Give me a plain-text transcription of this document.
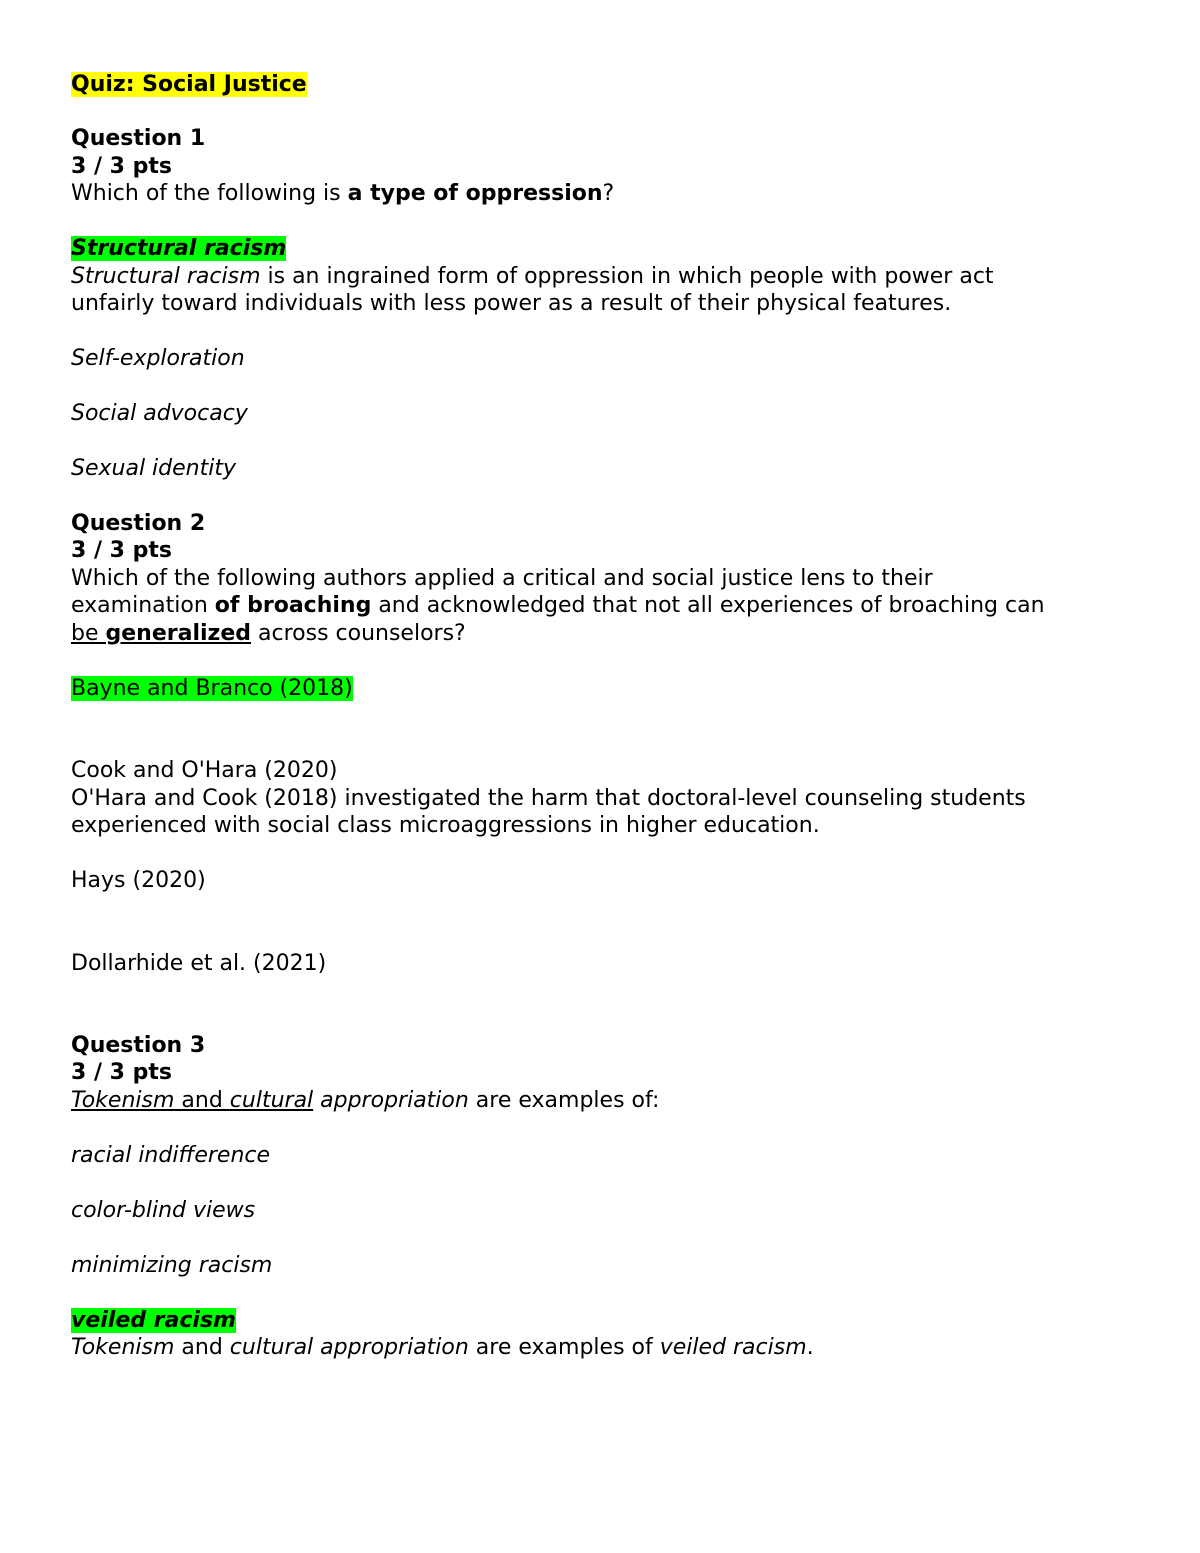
Quiz: Social Justice
Question 1
3 / 3 pts
Which of the following is a type of oppression?
Structural racism
Structural racism is an ingrained form of oppression in which people with power act
unfairly toward individuals with less power as a result of their physical features.
Self-exploration
Social advocacy
Sexual identity
Question 2
3 / 3 pts
Which of the following authors applied a critical and social justice lens to their
examination of broaching and acknowledged that not all experiences of broaching can
be generalized across counselors?
Bayne and Branco (2018)
Cook and O'Hara (2020)
O'Hara and Cook (2018) investigated the harm that doctoral-level counseling students
experienced with social class microaggressions in higher education.
Hays (2020)
Dollarhide et al. (2021)
Question 3
3 / 3 pts
Tokenism and cultural appropriation are examples of:
racial indifference
color-blind views
minimizing racism
veiled racism
Tokenism and cultural appropriation are examples of veiled racism.
